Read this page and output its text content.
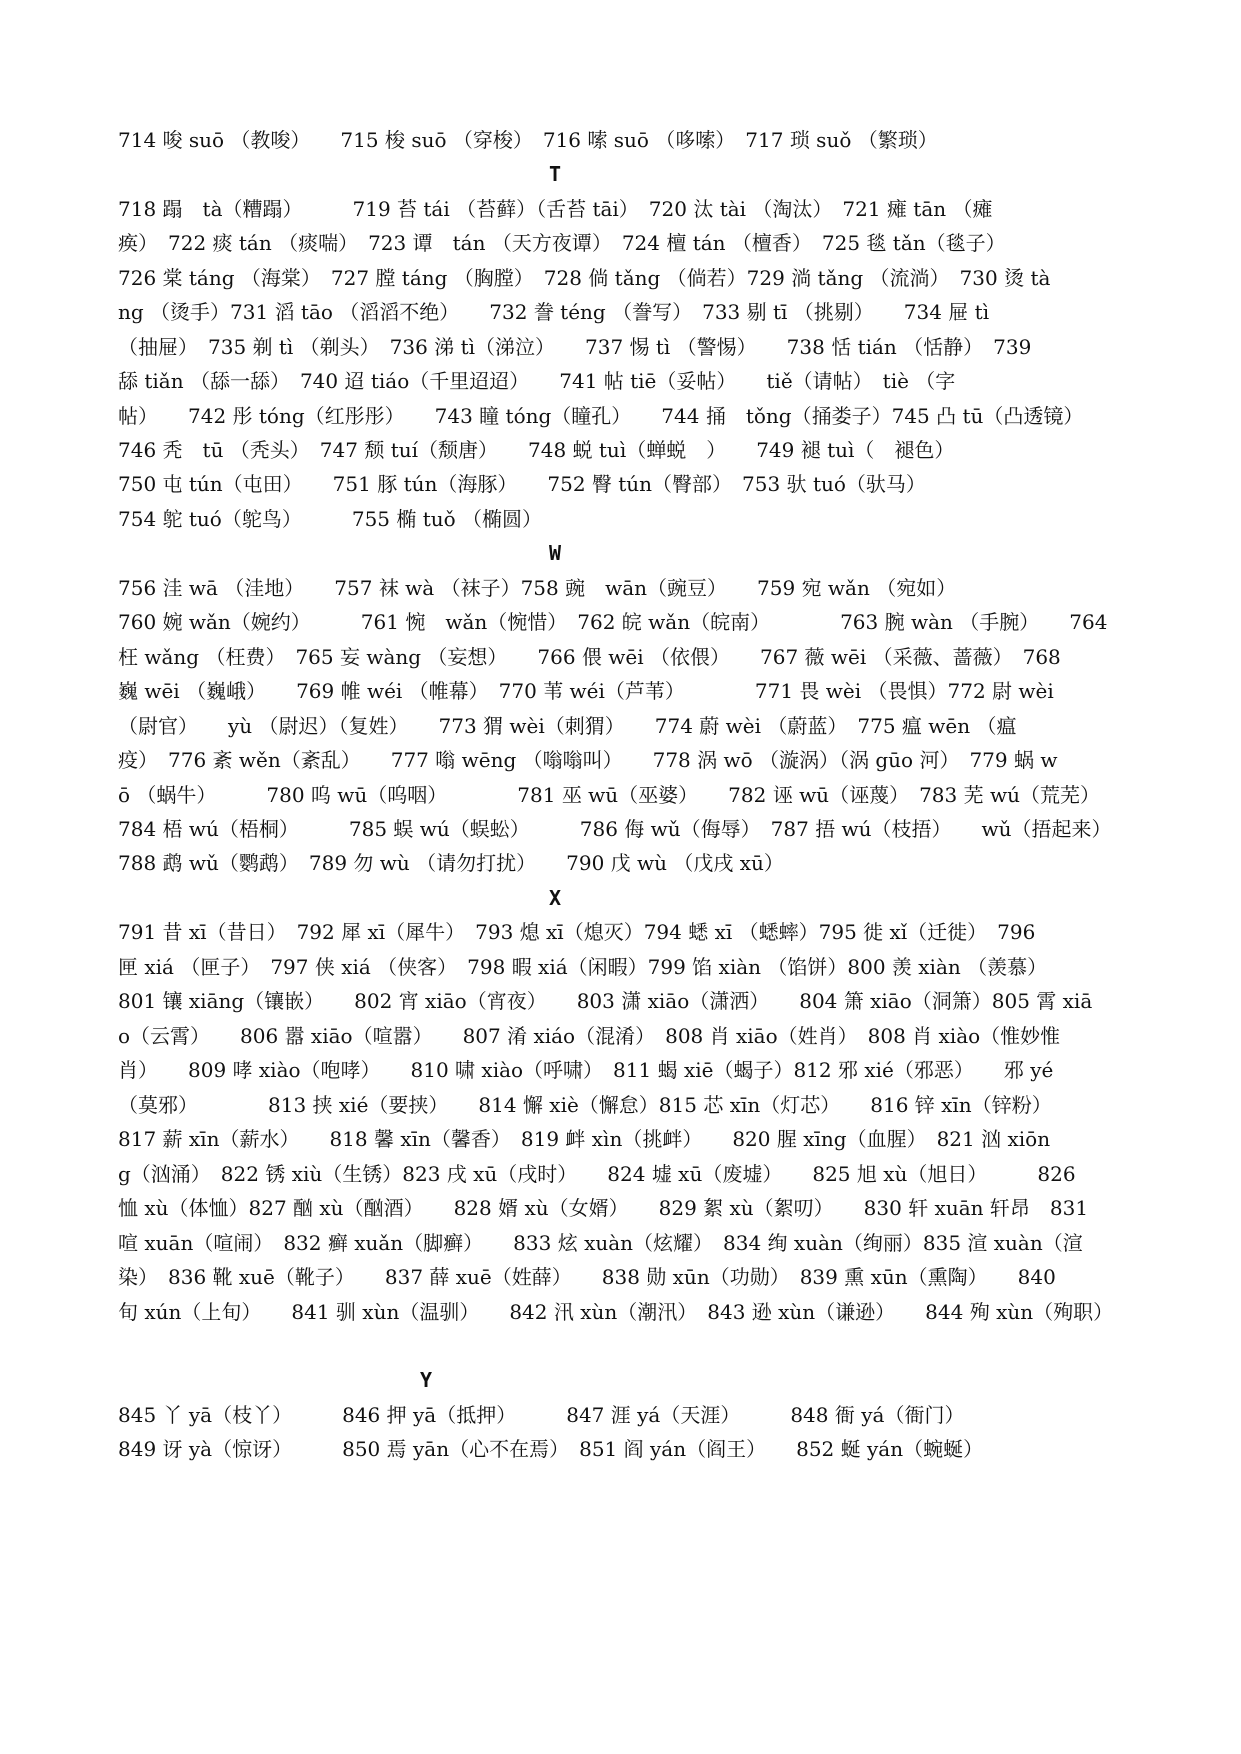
714 唆 suō （教唆）　　715 梭 suō （穿梭）　716 嗦 suō （哆嗦）　717 琐 suǒ （繁琐）
T
718 蹋　tà（糟蹋）　　　719 苔 tái （苔藓）（舌苔 tāi）　720 汰 tài （淘汰）　721 瘫 tān （瘫
痪）　722 痰 tán （痰喘）　723 谭　tán （天方夜谭）　724 檀 tán （檀香）　725 毯 tǎn（毯子）
726 棠 táng （海棠）　727 膛 táng （胸膛）　728 倘 tǎng （倘若）729 淌 tǎng （流淌）　730 烫 tà
ng （烫手）731 滔 tāo （滔滔不绝）　　732 誊 téng （誊写）　733 剔 tī （挑剔）　　734 屉 tì
（抽屉）　735 剃 tì （剃头）　736 涕 tì（涕泣）　　737 惕 tì （警惕）　　738 恬 tián （恬静）　739
舔 tiǎn （舔一舔）　740 迢 tiáo（千里迢迢）　　741 帖 tiē（妥帖）　　tiě（请帖）　tiè （字
帖）　　742 彤 tóng（红彤彤）　　743 瞳 tóng（瞳孔）　　744 捅　tǒng（捅娄子）745 凸 tū（凸透镜）
746 秃　tū （秃头）　747 颓 tuí（颓唐）　　748 蜕 tuì（蝉蜕　）　　749 褪 tuì（　褪色）
750 屯 tún（屯田）　　751 豚 tún（海豚）　　752 臀 tún（臀部）　753 驮 tuó（驮马）
754 鸵 tuó（鸵鸟）　　　755 椭 tuǒ （椭圆）
W
756 洼 wā （洼地）　　757 袜 wà （袜子）758 豌　wān（豌豆）　　759 宛 wǎn （宛如）
760 婉 wǎn（婉约）　　　761 惋　wǎn（惋惜）　762 皖 wǎn（皖南）　　　　763 腕 wàn （手腕）　　764
枉 wǎng （枉费）　765 妄 wàng （妄想）　　766 偎 wēi （依偎）　　767 薇 wēi （采薇、蔷薇）　768
巍 wēi （巍峨）　　769 帷 wéi （帷幕）　770 苇 wéi（芦苇）　　　　771 畏 wèi （畏惧）772 尉 wèi
（尉官）　　yù （尉迟）（复姓）　　773 猬 wèi（刺猬）　　774 蔚 wèi （蔚蓝）　775 瘟 wēn （瘟
疫）　776 紊 wěn（紊乱）　　777 嗡 wēng （嗡嗡叫）　　778 涡 wō （漩涡）（涡 gūo 河）　779 蜗 w
ō （蜗牛）　　　780 呜 wū（呜咽）　　　　781 巫 wū（巫婆）　　782 诬 wū（诬蔑）　783 芜 wú（荒芜）
784 梧 wú（梧桐）　　　785 蜈 wú（蜈蚣）　　　786 侮 wǔ（侮辱）　787 捂 wú（枝捂）　　wǔ（捂起来）
788 鹉 wǔ（鹦鹉）　789 勿 wù （请勿打扰）　　790 戊 wù （戊戌 xū）
X
791 昔 xī（昔日）　792 犀 xī（犀牛）　793 熄 xī（熄灭）794 蟋 xī （蟋蟀）795 徙 xǐ（迁徙）　796
匣 xiá （匣子）　797 侠 xiá （侠客）　798 暇 xiá（闲暇）799 馅 xiàn （馅饼）800 羡 xiàn （羡慕）
801 镶 xiāng（镶嵌）　　802 宵 xiāo（宵夜）　　803 潇 xiāo（潇洒）　　804 箫 xiāo（洞箫）805 霄 xiā
o（云霄）　　806 嚣 xiāo（喧嚣）　　807 淆 xiáo（混淆）　808 肖 xiāo（姓肖）　808 肖 xiào（惟妙惟
肖）　　809 哮 xiào（咆哮）　　810 啸 xiào（呼啸）　811 蝎 xiē（蝎子）812 邪 xié（邪恶）　　邪 yé
（莫邪）　　　　813 挟 xié（要挟）　　814 懈 xiè（懈怠）815 芯 xīn（灯芯）　　816 锌 xīn（锌粉）
817 薪 xīn（薪水）　　818 馨 xīn（馨香）　819 衅 xìn（挑衅）　　820 腥 xīng（血腥）　821 汹 xiōn
g（汹涌）　822 锈 xiù（生锈）823 戌 xū（戌时）　　824 墟 xū（废墟）　　825 旭 xù（旭日）　　　826
恤 xù（体恤）827 酗 xù（酗酒）　　828 婿 xù（女婿）　　829 絮 xù（絮叨）　　830 轩 xuān 轩昂　831
喧 xuān（喧闹）　832 癣 xuǎn（脚癣）　　833 炫 xuàn（炫耀）　834 绚 xuàn（绚丽）835 渲 xuàn（渲
染）　836 靴 xuē（靴子）　　837 薛 xuē（姓薛）　　838 勋 xūn（功勋）　839 熏 xūn（熏陶）　　840
旬 xún（上旬）　　841 驯 xùn（温驯）　　842 汛 xùn（潮汛）　843 逊 xùn（谦逊）　　844 殉 xùn（殉职）
Y
845 丫 yā（枝丫）　　　846 押 yā（抵押）　　　847 涯 yá（天涯）　　　848 衙 yá（衙门）
849 讶 yà（惊讶）　　　850 焉 yān（心不在焉）　851 阎 yán（阎王）　　852 蜒 yán（蜿蜒）
